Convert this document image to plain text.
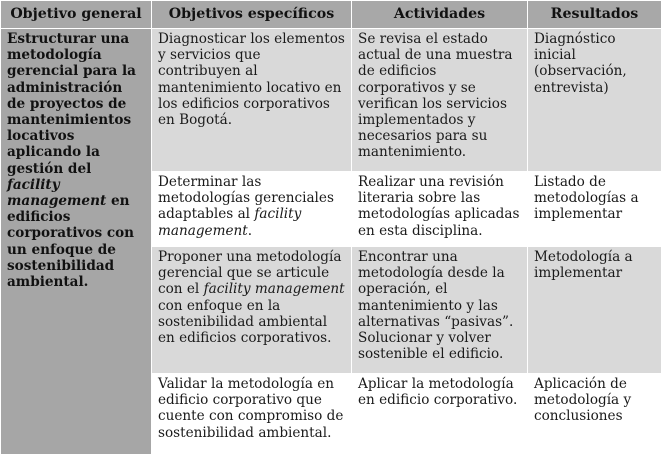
Objetivo general	Objetivos específicos	Actividades	Resultados
Estructurar una metodología gerencial para la administración de proyectos de mantenimientos locativos aplicando la gestión del facility management en edificios corporativos con un enfoque de sostenibilidad ambiental.	Diagnosticar los elementos y servicios que contribuyen al mantenimiento locativo en los edificios corporativos en Bogotá.	Se revisa el estado actual de una muestra de edificios corporativos y se verifican los servicios implementados y necesarios para su mantenimiento.	Diagnóstico inicial (observación, entrevista)
	Determinar las metodologías gerenciales adaptables al facility management.	Realizar una revisión literaria sobre las metodologías aplicadas en esta disciplina.	Listado de metodologías a implementar
	Proponer una metodología gerencial que se articule con el facility management con enfoque en la sostenibilidad ambiental en edificios corporativos.	Encontrar una metodología desde la operación, el mantenimiento y las alternativas “pasivas”. Solucionar y volver sostenible el edificio.	Metodología a implementar
	Validar la metodología en edificio corporativo que cuente con compromiso de sostenibilidad ambiental.	Aplicar la metodología en edificio corporativo.	Aplicación de metodología y conclusiones
